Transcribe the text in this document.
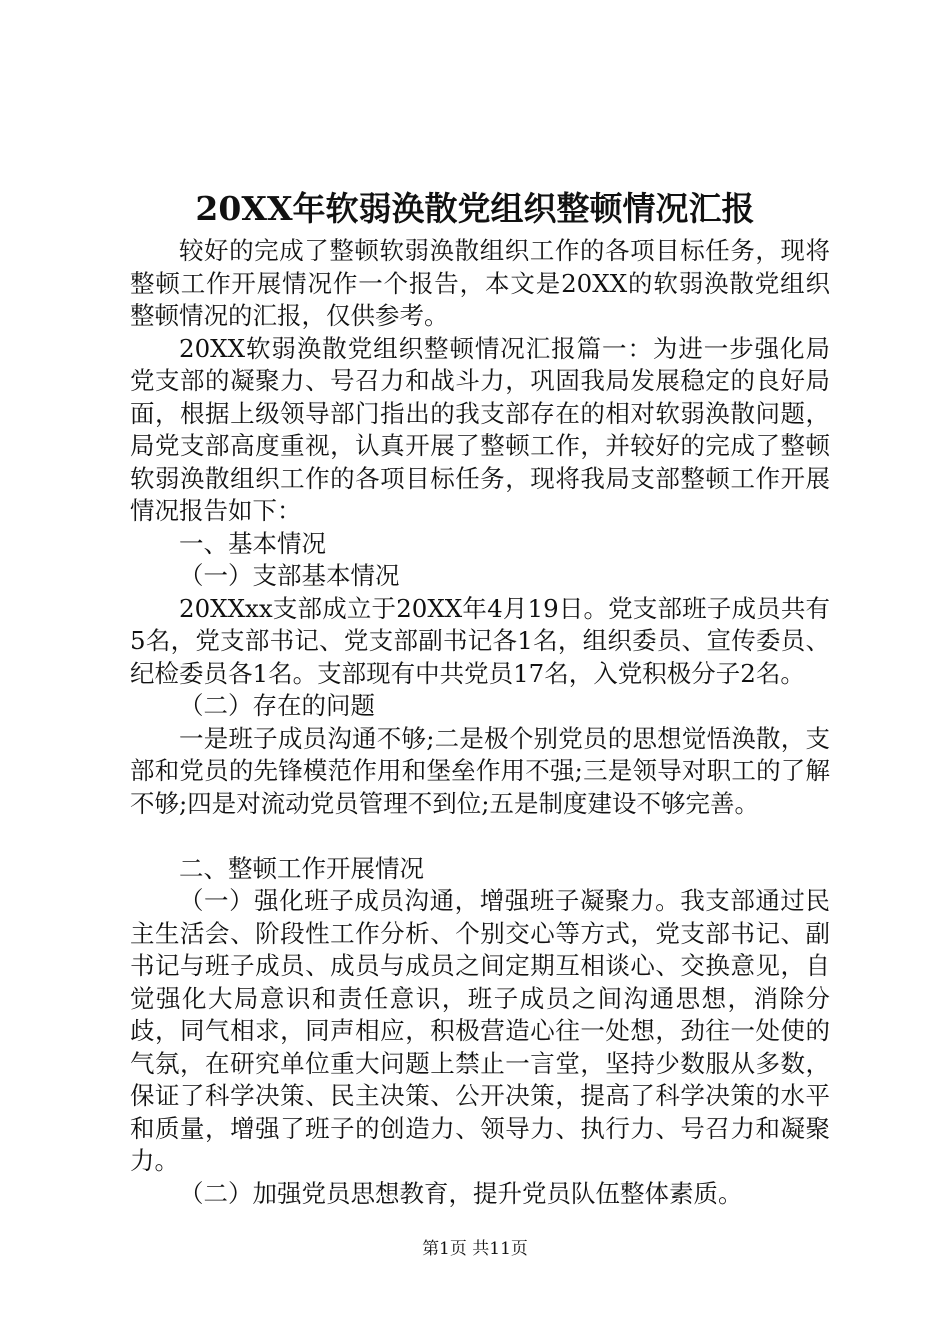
20XX年软弱涣散党组织整顿情况汇报

较好的完成了整顿软弱涣散组织工作的各项目标任务，现将整顿工作开展情况作一个报告，本文是20XX的软弱涣散党组织整顿情况的汇报，仅供参考。

20XX软弱涣散党组织整顿情况汇报篇一：为进一步强化局党支部的凝聚力、号召力和战斗力，巩固我局发展稳定的良好局面，根据上级领导部门指出的我支部存在的相对软弱涣散问题，局党支部高度重视，认真开展了整顿工作，并较好的完成了整顿软弱涣散组织工作的各项目标任务，现将我局支部整顿工作开展情况报告如下：

一、基本情况

（一）支部基本情况

20XXxx支部成立于20XX年4月19日。党支部班子成员共有5名，党支部书记、党支部副书记各1名，组织委员、宣传委员、纪检委员各1名。支部现有中共党员17名，入党积极分子2名。

（二）存在的问题

一是班子成员沟通不够;二是极个别党员的思想觉悟涣散，支部和党员的先锋模范作用和堡垒作用不强;三是领导对职工的了解不够;四是对流动党员管理不到位;五是制度建设不够完善。

二、整顿工作开展情况

（一）强化班子成员沟通，增强班子凝聚力。我支部通过民主生活会、阶段性工作分析、个别交心等方式，党支部书记、副书记与班子成员、成员与成员之间定期互相谈心、交换意见，自觉强化大局意识和责任意识，班子成员之间沟通思想，消除分歧，同气相求，同声相应，积极营造心往一处想，劲往一处使的气氛，在研究单位重大问题上禁止一言堂，坚持少数服从多数，保证了科学决策、民主决策、公开决策，提高了科学决策的水平和质量，增强了班子的创造力、领导力、执行力、号召力和凝聚力。

（二）加强党员思想教育，提升党员队伍整体素质。

第1页 共11页
